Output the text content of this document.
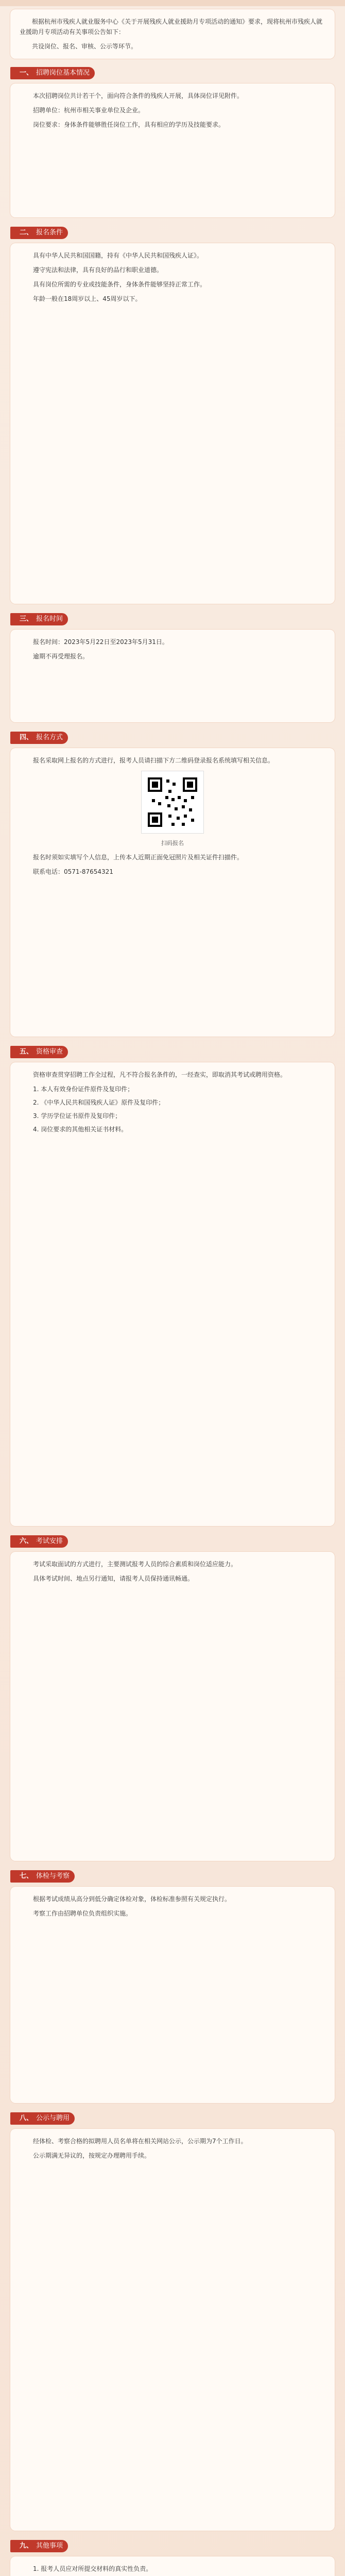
根据杭州市残疾人就业服务中心《关于开展残疾人就业援助月专项活动的通知》要求，现将杭州市残疾人就业援助月专项活动有关事项公告如下：

共设岗位、报名、审核、公示等环节。

一、 招聘岗位基本情况

本次招聘岗位共计若干个，面向符合条件的残疾人开展，具体岗位详见附件。

招聘单位：杭州市相关事业单位及企业。

岗位要求：身体条件能够胜任岗位工作，具有相应的学历及技能要求。

二、 报名条件

具有中华人民共和国国籍，持有《中华人民共和国残疾人证》。

遵守宪法和法律，具有良好的品行和职业道德。

具有岗位所需的专业或技能条件，身体条件能够坚持正常工作。

年龄一般在18周岁以上、45周岁以下。

三、 报名时间

报名时间：2023年5月22日至2023年5月31日。

逾期不再受理报名。

四、 报名方式

报名采取网上报名的方式进行，报考人员请扫描下方二维码登录报名系统填写相关信息。

扫码报名

报名时须如实填写个人信息，上传本人近期正面免冠照片及相关证件扫描件。

联系电话：0571-87654321

五、 资格审查

资格审查贯穿招聘工作全过程，凡不符合报名条件的，一经查实，即取消其考试或聘用资格。

1. 本人有效身份证件原件及复印件；

2. 《中华人民共和国残疾人证》原件及复印件；

3. 学历学位证书原件及复印件；

4. 岗位要求的其他相关证书材料。

六、 考试安排

考试采取面试的方式进行，主要测试报考人员的综合素质和岗位适应能力。

具体考试时间、地点另行通知，请报考人员保持通讯畅通。

七、 体检与考察

根据考试成绩从高分到低分确定体检对象，体检标准参照有关规定执行。

考察工作由招聘单位负责组织实施。

八、 公示与聘用

经体检、考察合格的拟聘用人员名单将在相关网站公示，公示期为7个工作日。

公示期满无异议的，按规定办理聘用手续。

九、 其他事项

1. 报考人员应对所提交材料的真实性负责。
